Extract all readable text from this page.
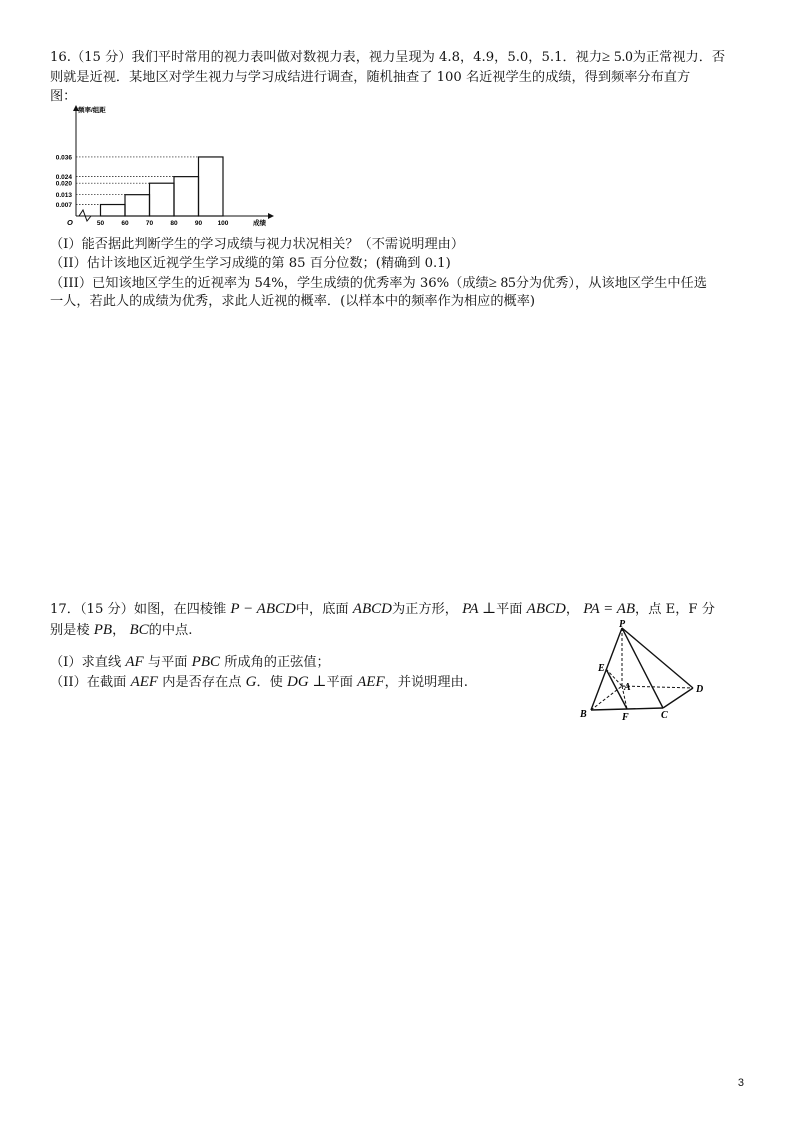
16.（15 分）我们平时常用的视力表叫做对数视力表，视力呈现为 4.8，4.9，5.0，5.1．视力≥ 5.0为正常视力．否
则就是近视．某地区对学生视力与学习成结进行调查，随机抽查了 100 名近视学生的成绩，得到频率分布直方
图：
0.036
0.024
0.020
0.013
0.007
50	60	70	80	90 100
O
频率/组距
成绩
（I）能否据此判断学生的学习成绩与视力状况相关？（不需说明理由）
（II）估计该地区近视学生学习成缆的第 85 百分位数；(精确到 0.1)
（III）已知该地区学生的近视率为 54%，学生成绩的优秀率为 36%（成绩≥ 85分为优秀），从该地区学生中任选
一人，若此人的成绩为优秀，求此人近视的概率．(以样本中的频率作为相应的概率)
17．（15 分）如图，在四棱锥 P − ABCD中，底面 ABCD为正方形， PA ⊥平面 ABCD， PA = AB，点 E，F 分
别是棱 PB， BC的中点.
（I）求直线 AF 与平面 PBC 所成角的正弦值；
（II）在截面 AEF 内是否存在点 G．使 DG ⊥平面 AEF，并说明理由.
P
E
A	D
B	F	C
3
